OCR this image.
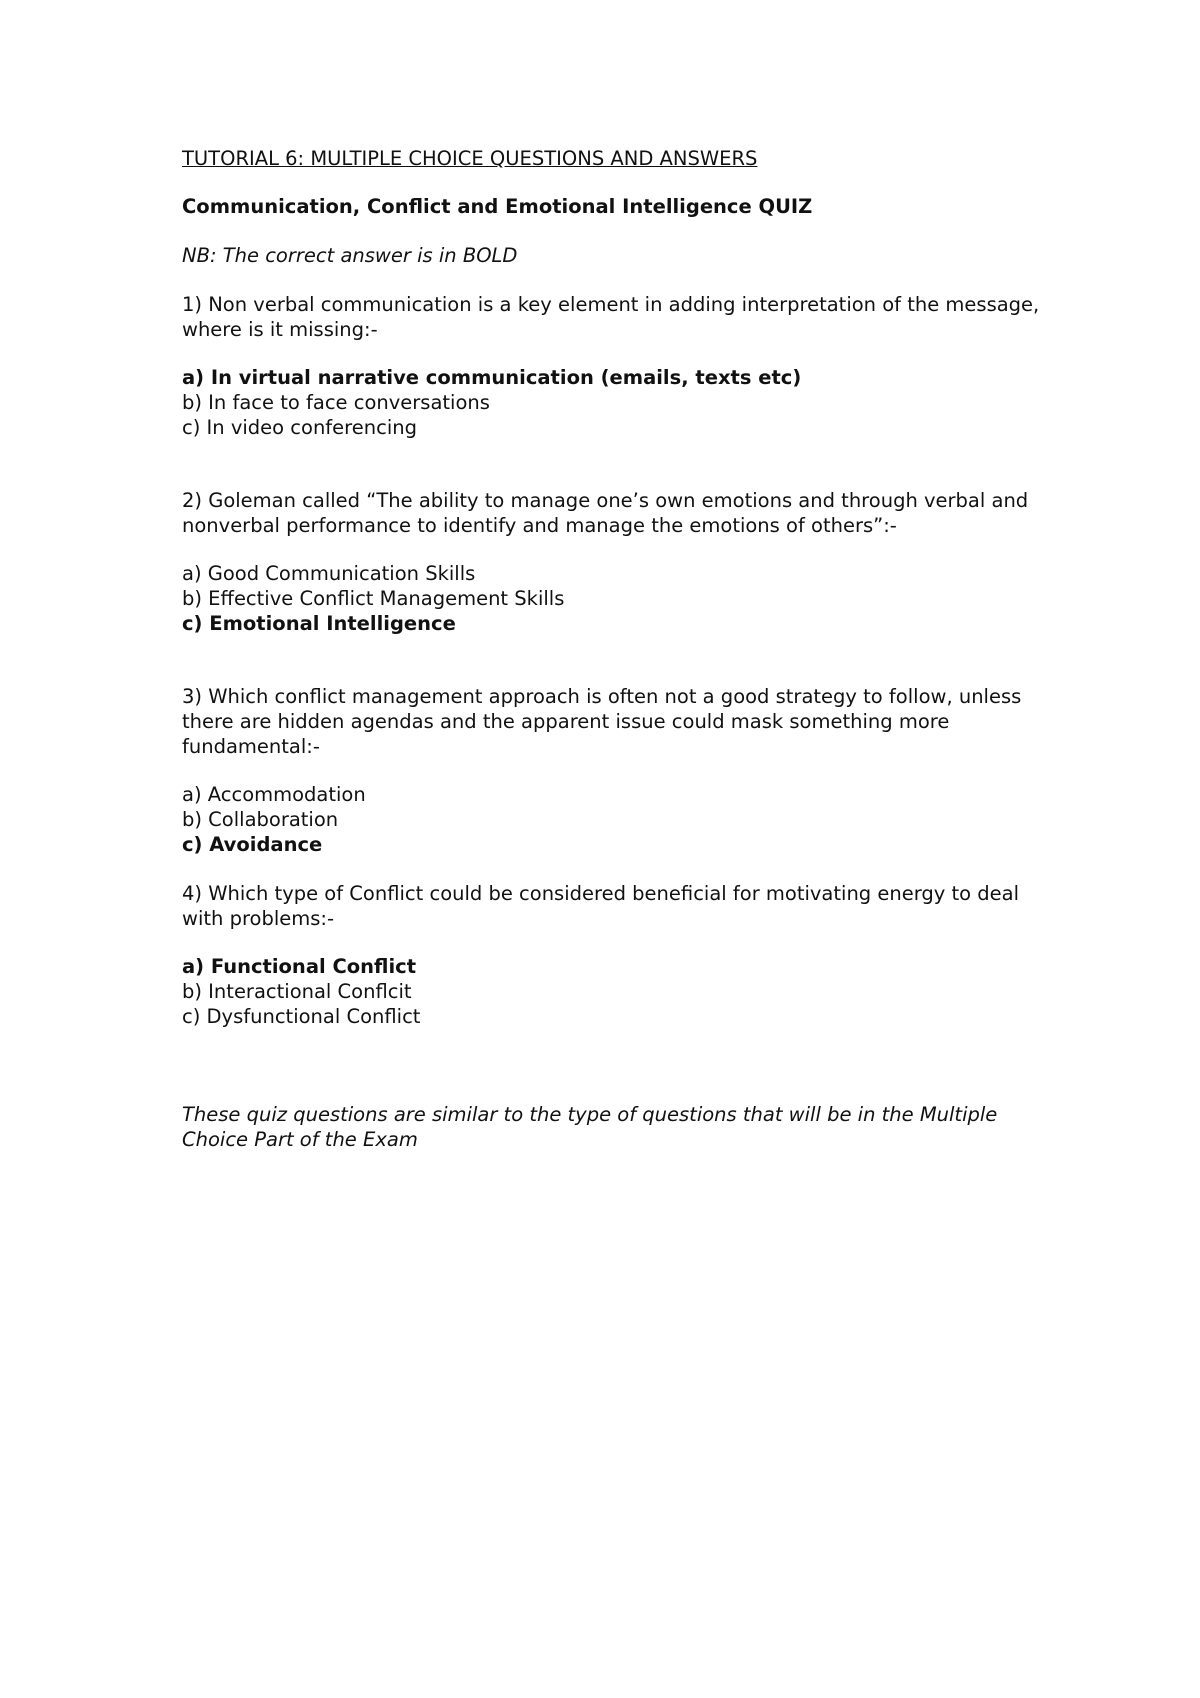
TUTORIAL 6: MULTIPLE CHOICE QUESTIONS AND ANSWERS
Communication, Conflict and Emotional Intelligence QUIZ
NB: The correct answer is in BOLD
1) Non verbal communication is a key element in adding interpretation of the message, where is it missing:-
a) In virtual narrative communication (emails, texts etc)
b) In face to face conversations
c) In video conferencing
2) Goleman called “The ability to manage one’s own emotions and through verbal and nonverbal performance to identify and manage the emotions of others”:-
a) Good Communication Skills
b) Effective Conflict Management Skills
c) Emotional Intelligence
3) Which conflict management approach is often not a good strategy to follow, unless there are hidden agendas and the apparent issue could mask something more fundamental:-
a) Accommodation
b) Collaboration
c) Avoidance
4) Which type of Conflict could be considered beneficial for motivating energy to deal with problems:-
a) Functional Conflict
b) Interactional Conflcit
c) Dysfunctional Conflict
These quiz questions are similar to the type of questions that will be in the Multiple Choice Part of the Exam
